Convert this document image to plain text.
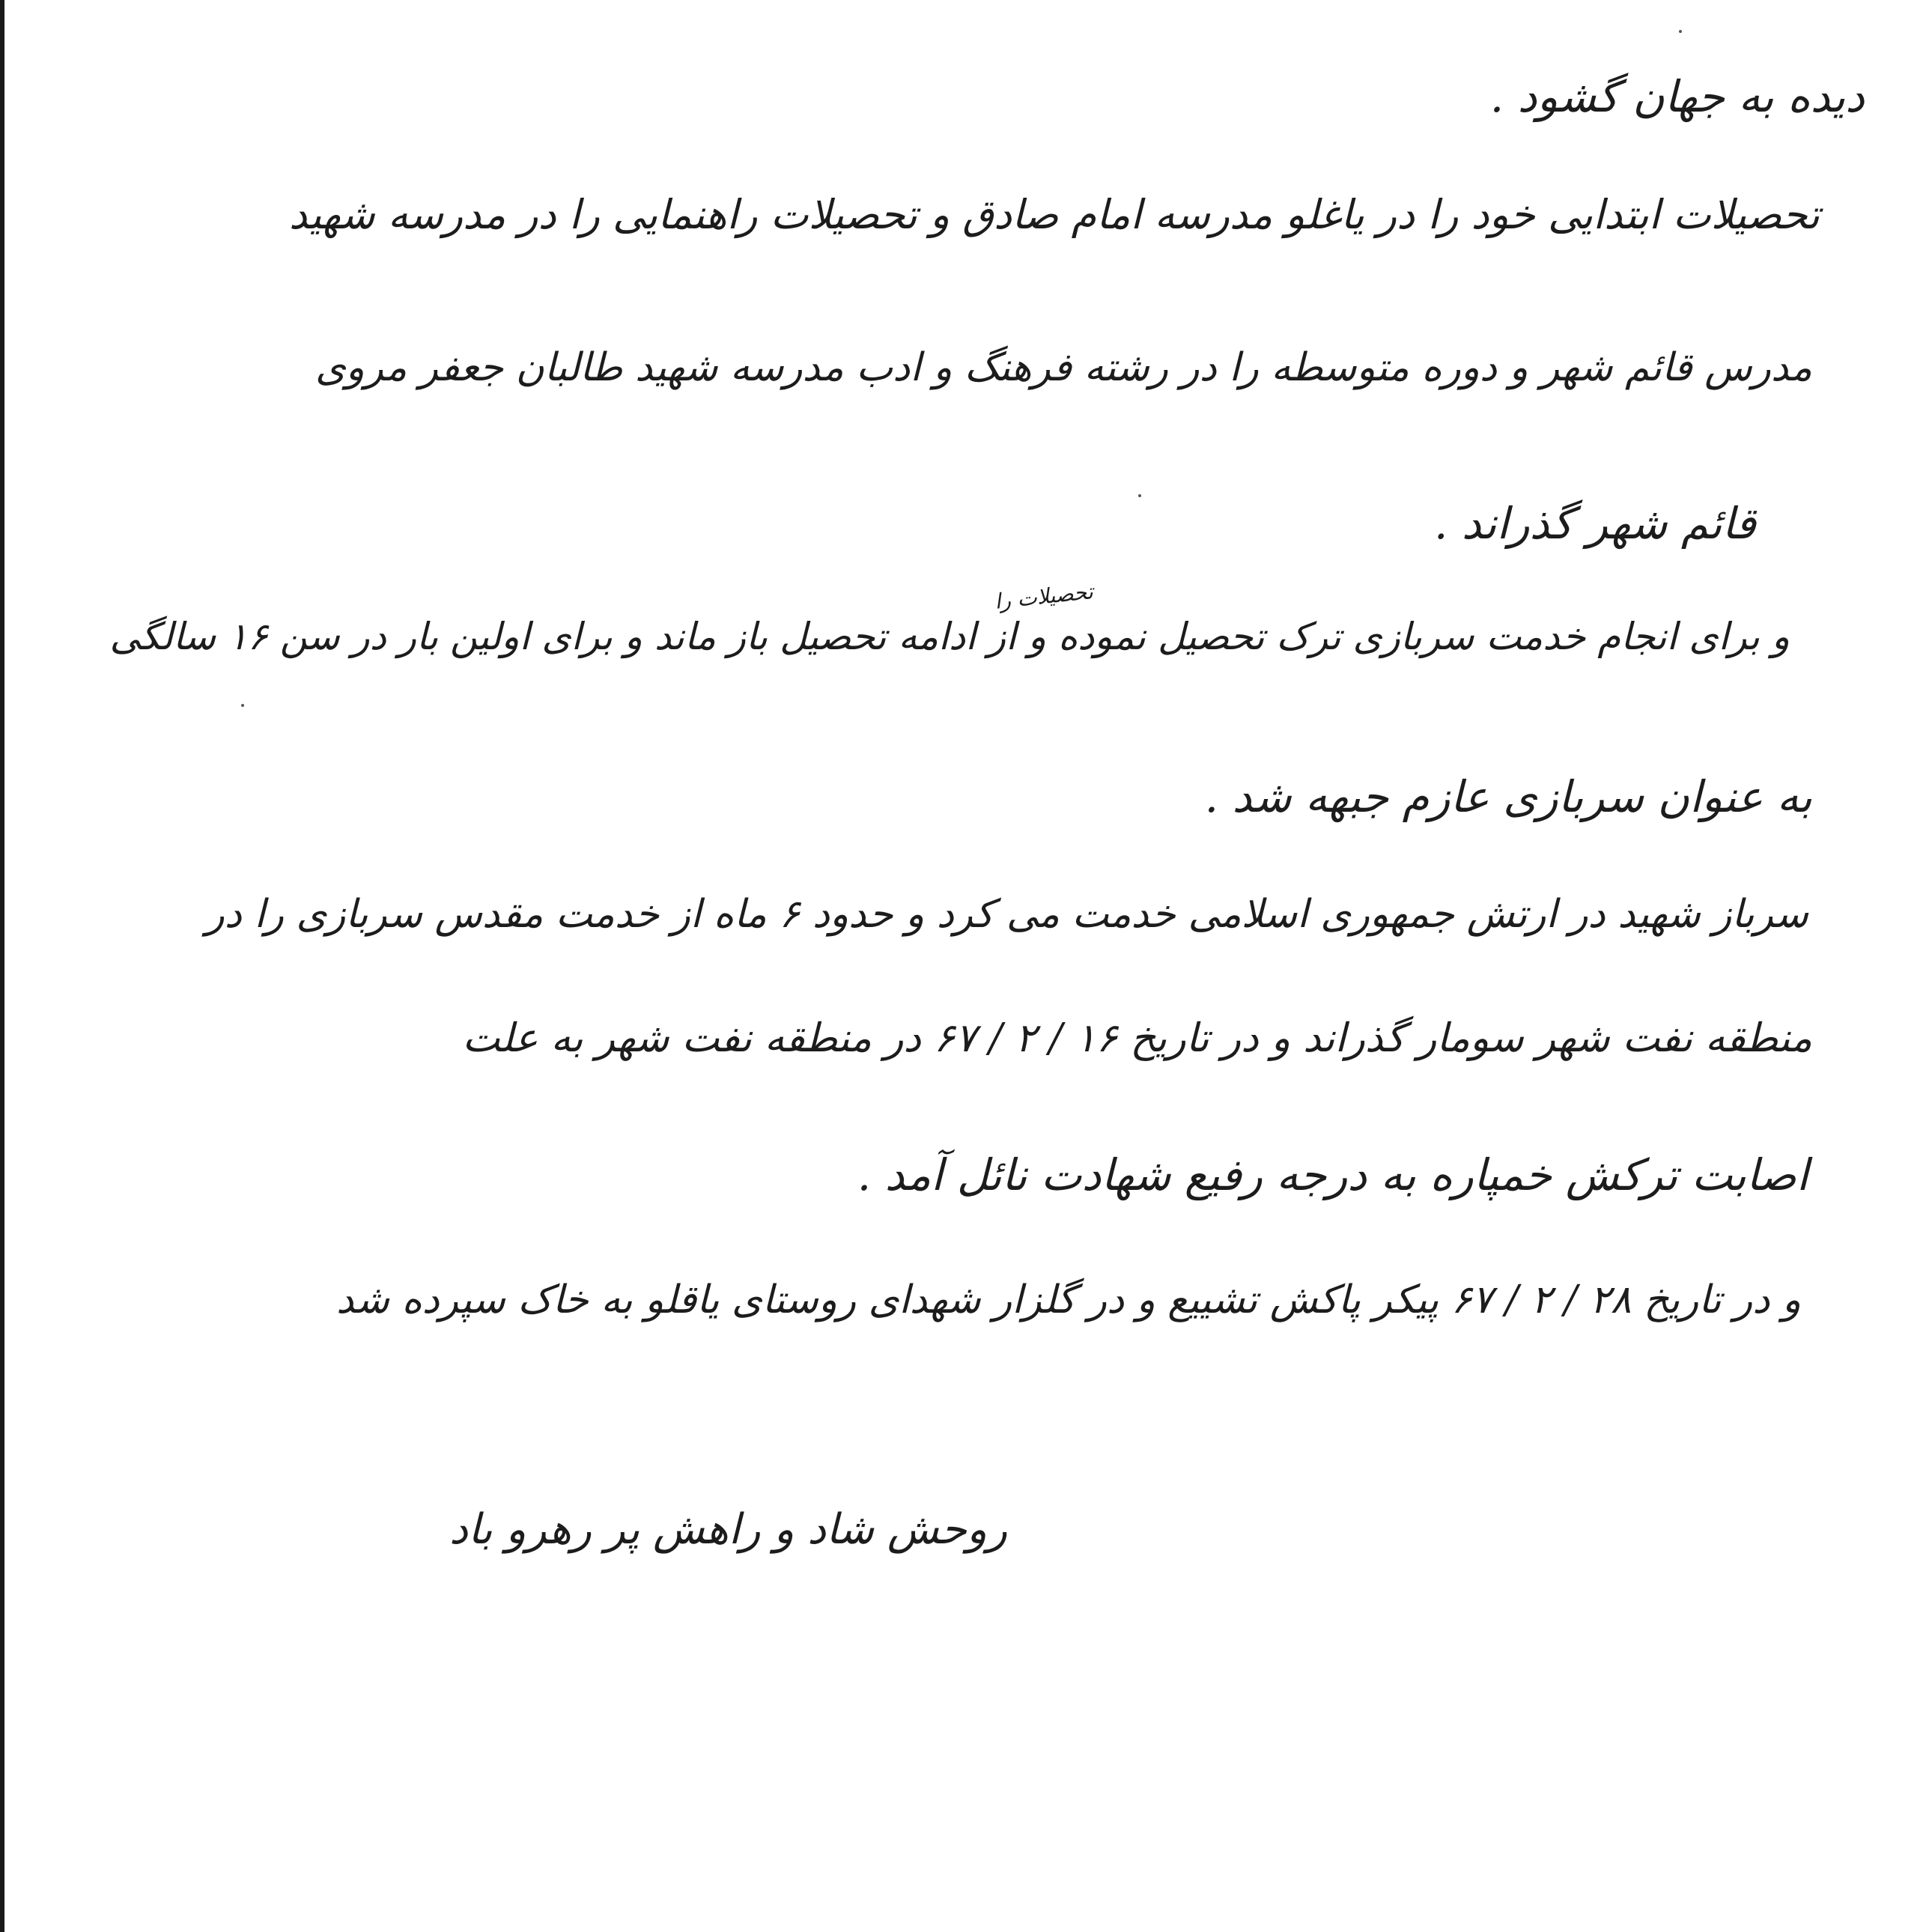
دیده به جهان گشود .
تحصیلات ابتدایی خود را در یاغلو مدرسه امام صادق و تحصیلات راهنمایی را در مدرسه شهید
مدرس قائم شهر و دوره متوسطه را در رشته فرهنگ و ادب مدرسه شهید طالبان جعفر مروی
قائم شهر گذراند .
تحصیلات را
و برای انجام خدمت سربازی ترک تحصیل نموده و از ادامه تحصیل باز ماند و برای اولین بار در سن ۱۶ سالگی
به عنوان سربازی عازم جبهه شد .
سرباز شهید در ارتش جمهوری اسلامی خدمت می کرد و حدود ۶ ماه از خدمت مقدس سربازی را در
منطقه نفت شهر سومار گذراند و در تاریخ ۱۶ / ۲ / ۶۷ در منطقه نفت شهر به علت
اصابت ترکش خمپاره به درجه رفیع شهادت نائل آمد .
و در تاریخ ۲۸ / ۲ / ۶۷ پیکر پاکش تشییع و در گلزار شهدای روستای یاقلو به خاک سپرده شد
روحش شاد و راهش پر رهرو باد
